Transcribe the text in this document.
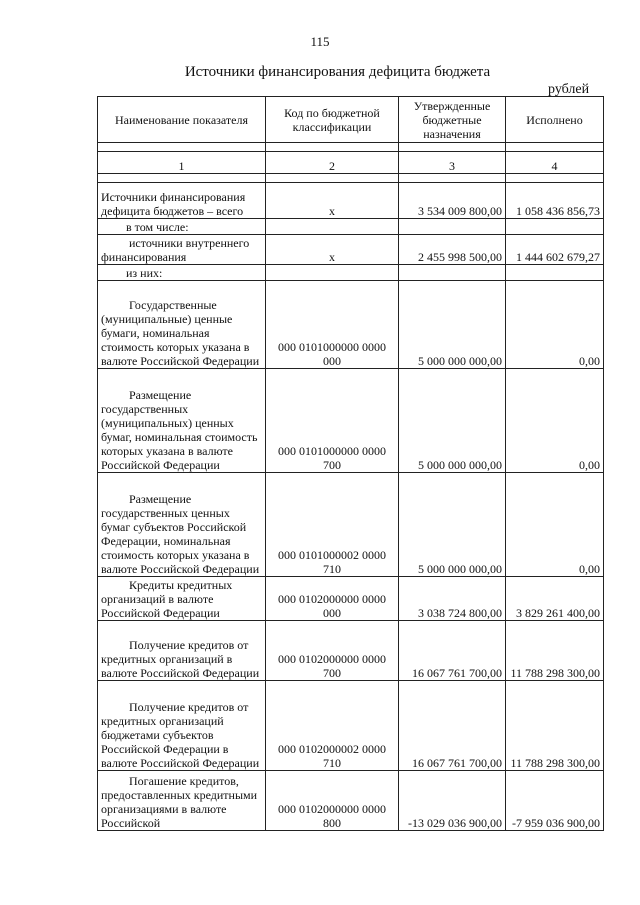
115
Источники финансирования дефицита бюджета
рублей
Наименование показателя	Код по бюджетной классификации	Утвержденные бюджетные назначения	Исполнено

1	2	3	4

Источники финансирования дефицита бюджетов – всего	х	3 534 009 800,00	1 058 436 856,73
в том числе:			
источники внутреннего финансирования	х	2 455 998 500,00	1 444 602 679,27
из них:			
Государственные (муниципальные) ценные бумаги, номинальная стоимость которых указана в валюте Российской Федерации	000 0101000000 0000 000	5 000 000 000,00	0,00
Размещение государственных (муниципальных) ценных бумаг, номинальная стоимость которых указана в валюте Российской Федерации	000 0101000000 0000 700	5 000 000 000,00	0,00
Размещение государственных ценных бумаг субъектов Российской Федерации, номинальная стоимость которых указана в валюте Российской Федерации	000 0101000002 0000 710	5 000 000 000,00	0,00
Кредиты кредитных организаций в валюте Российской Федерации	000 0102000000 0000 000	3 038 724 800,00	3 829 261 400,00
Получение кредитов от кредитных организаций в валюте Российской Федерации	000 0102000000 0000 700	16 067 761 700,00	11 788 298 300,00
Получение кредитов от кредитных организаций бюджетами субъектов Российской Федерации в валюте Российской Федерации	000 0102000002 0000 710	16 067 761 700,00	11 788 298 300,00
Погашение кредитов, предоставленных кредитными организациями в валюте Российской	000 0102000000 0000 800	-13 029 036 900,00	-7 959 036 900,00
